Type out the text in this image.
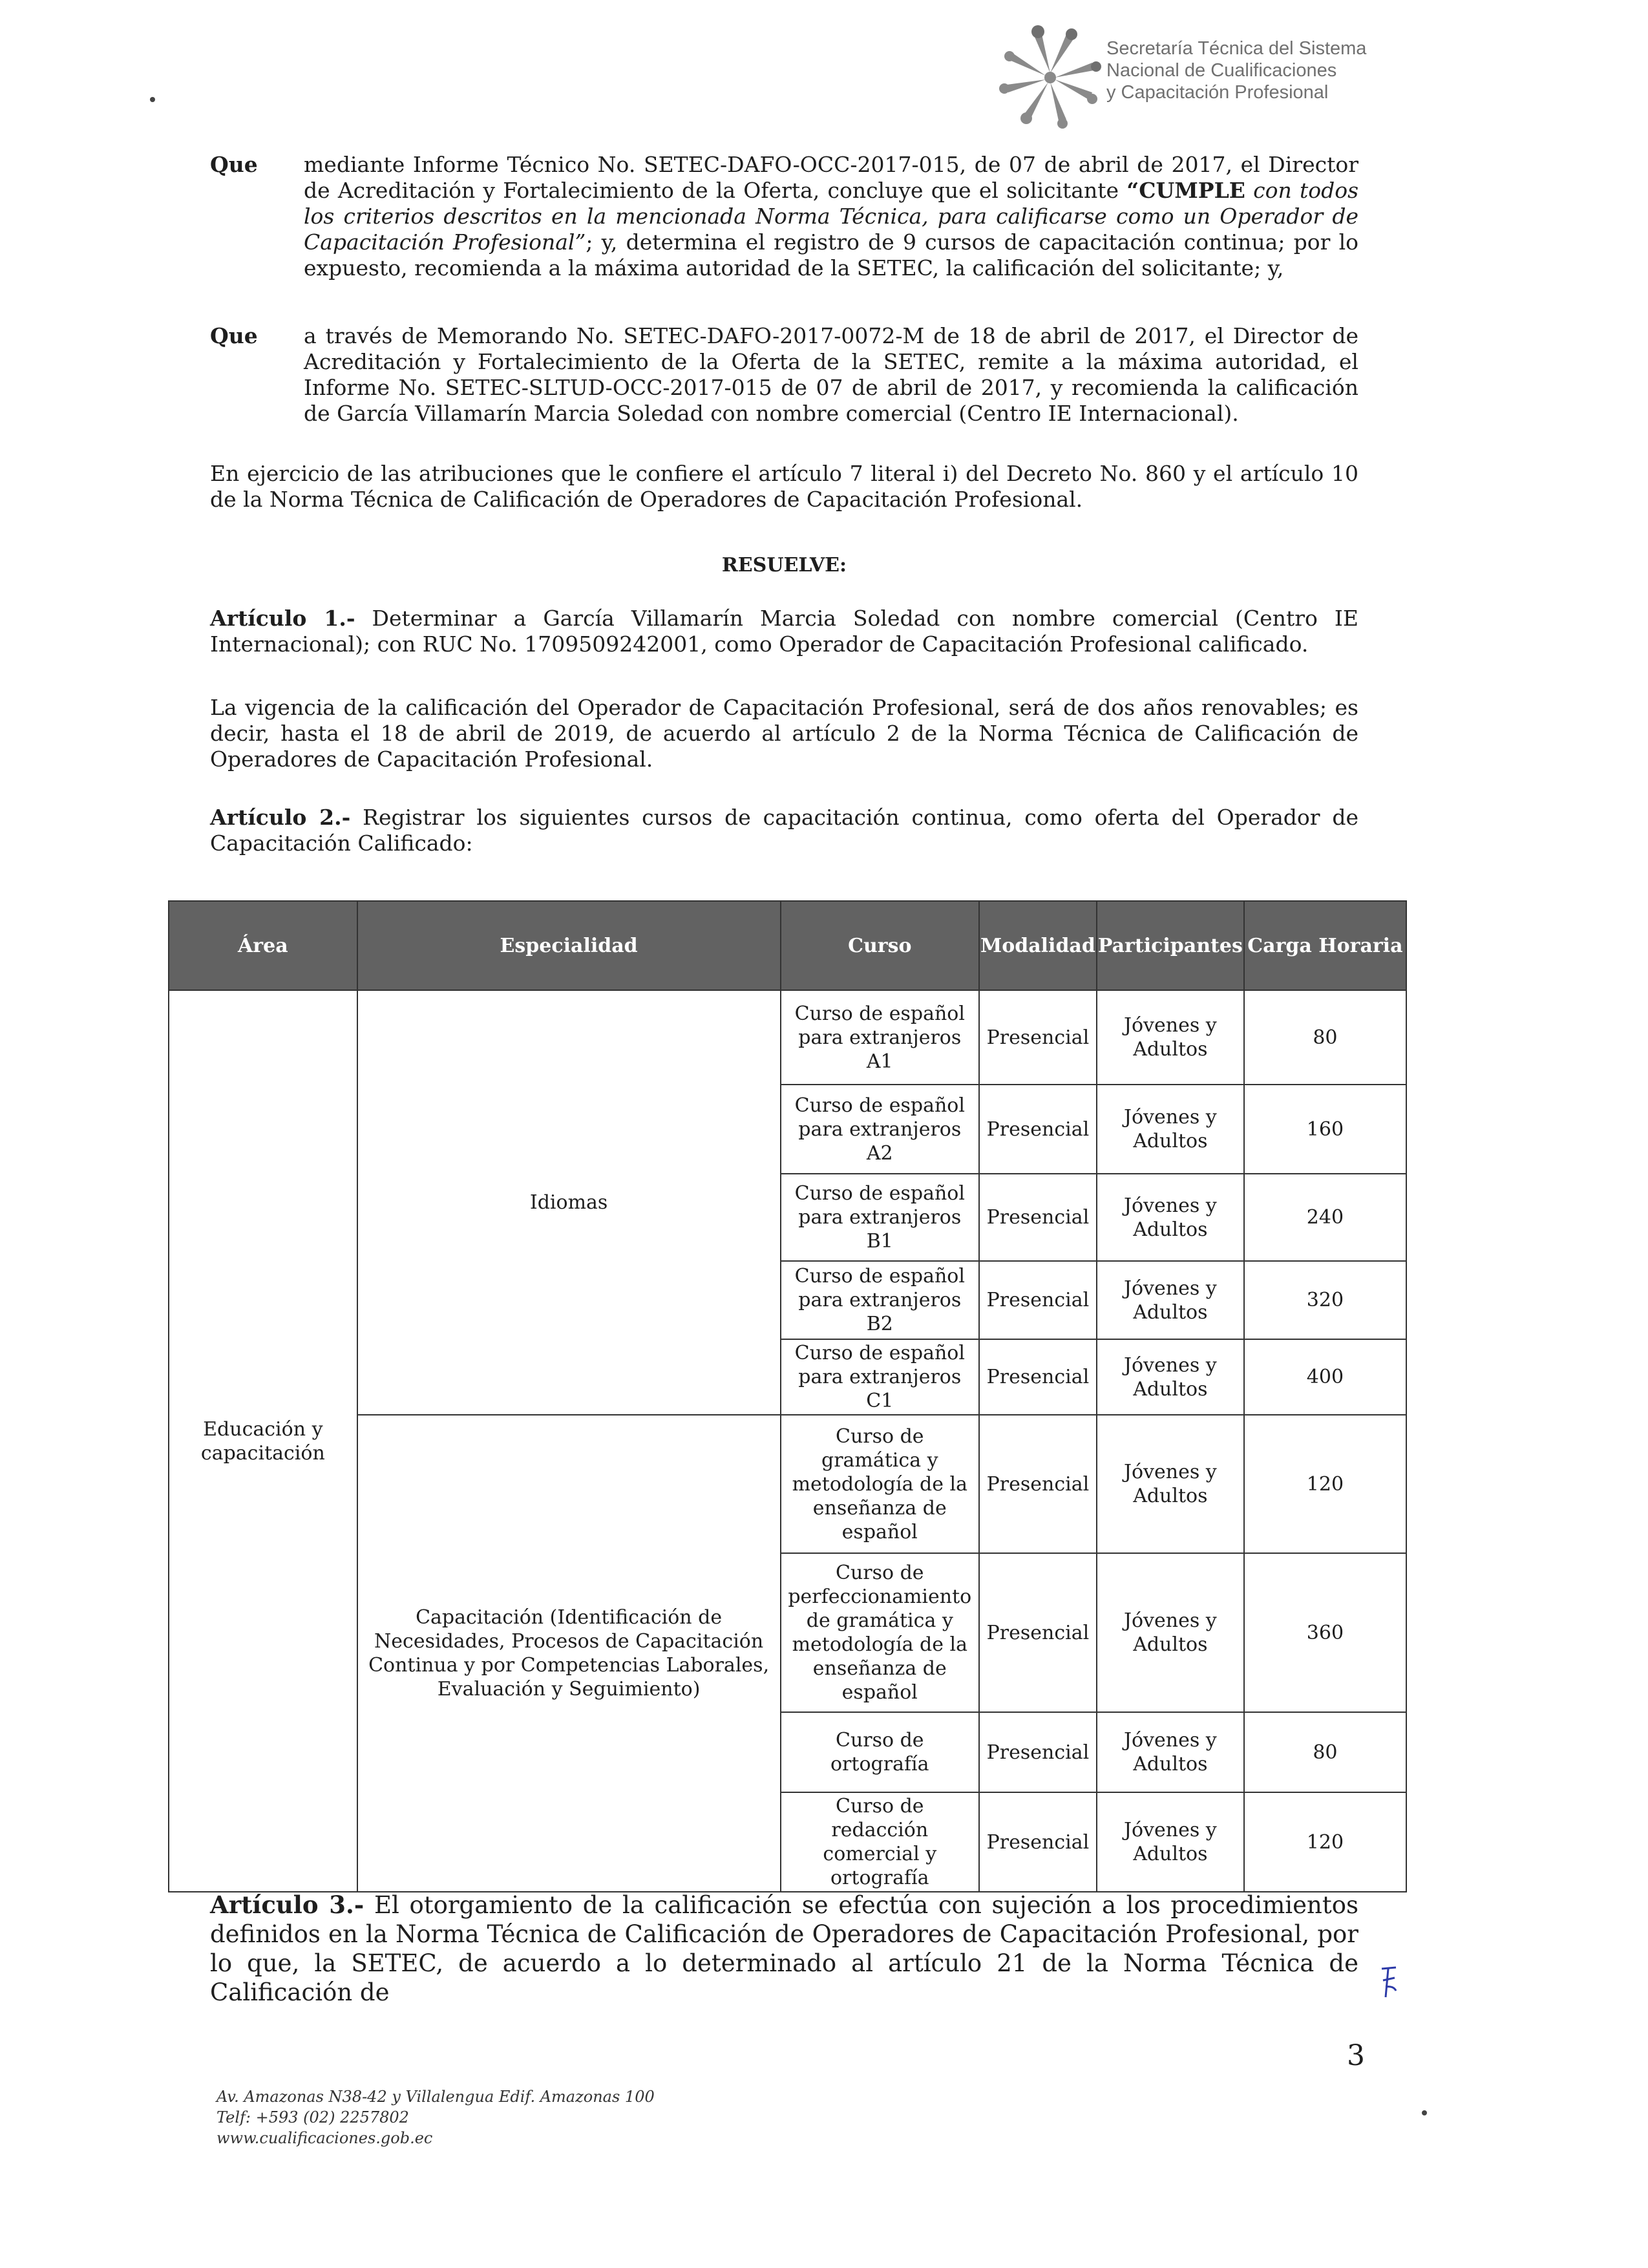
Secretaría Técnica del Sistema
Nacional de Cualificaciones
y Capacitación Profesional
Que mediante Informe Técnico No. SETEC-DAFO-OCC-2017-015, de 07 de abril de 2017, el Director de Acreditación y Fortalecimiento de la Oferta, concluye que el solicitante “CUMPLE con todos los criterios descritos en la mencionada Norma Técnica, para calificarse como un Operador de Capacitación Profesional”; y, determina el registro de 9 cursos de capacitación continua; por lo expuesto, recomienda a la máxima autoridad de la SETEC, la calificación del solicitante; y,
Que a través de Memorando No. SETEC-DAFO-2017-0072-M de 18 de abril de 2017, el Director de Acreditación y Fortalecimiento de la Oferta de la SETEC, remite a la máxima autoridad, el Informe No. SETEC-SLTUD-OCC-2017-015 de 07 de abril de 2017, y recomienda la calificación de García Villamarín Marcia Soledad con nombre comercial (Centro IE Internacional).
En ejercicio de las atribuciones que le confiere el artículo 7 literal i) del Decreto No. 860 y el artículo 10 de la Norma Técnica de Calificación de Operadores de Capacitación Profesional.
RESUELVE:
Artículo 1.- Determinar a García Villamarín Marcia Soledad con nombre comercial (Centro IE Internacional); con RUC No. 1709509242001, como Operador de Capacitación Profesional calificado.
La vigencia de la calificación del Operador de Capacitación Profesional, será de dos años renovables; es decir, hasta el 18 de abril de 2019, de acuerdo al artículo 2 de la Norma Técnica de Calificación de Operadores de Capacitación Profesional.
Artículo 2.- Registrar los siguientes cursos de capacitación continua, como oferta del Operador de Capacitación Calificado:
Área	Especialidad	Curso	Modalidad	Participantes	Carga Horaria
Educación y capacitación	Idiomas	Curso de español para extranjeros A1	Presencial	Jóvenes y Adultos	80
		Curso de español para extranjeros A2	Presencial	Jóvenes y Adultos	160
		Curso de español para extranjeros B1	Presencial	Jóvenes y Adultos	240
		Curso de español para extranjeros B2	Presencial	Jóvenes y Adultos	320
		Curso de español para extranjeros C1	Presencial	Jóvenes y Adultos	400
	Capacitación (Identificación de Necesidades, Procesos de Capacitación Continua y por Competencias Laborales, Evaluación y Seguimiento)	Curso de gramática y metodología de la enseñanza de español	Presencial	Jóvenes y Adultos	120
		Curso de perfeccionamiento de gramática y metodología de la enseñanza de español	Presencial	Jóvenes y Adultos	360
		Curso de ortografía	Presencial	Jóvenes y Adultos	80
		Curso de redacción comercial y ortografía	Presencial	Jóvenes y Adultos	120
Artículo 3.- El otorgamiento de la calificación se efectúa con sujeción a los procedimientos definidos en la Norma Técnica de Calificación de Operadores de Capacitación Profesional, por lo que, la SETEC, de acuerdo a lo determinado al artículo 21 de la Norma Técnica de Calificación de
3
Av. Amazonas N38-42 y Villalengua Edif. Amazonas 100
Telf: +593 (02) 2257802
www.cualificaciones.gob.ec
